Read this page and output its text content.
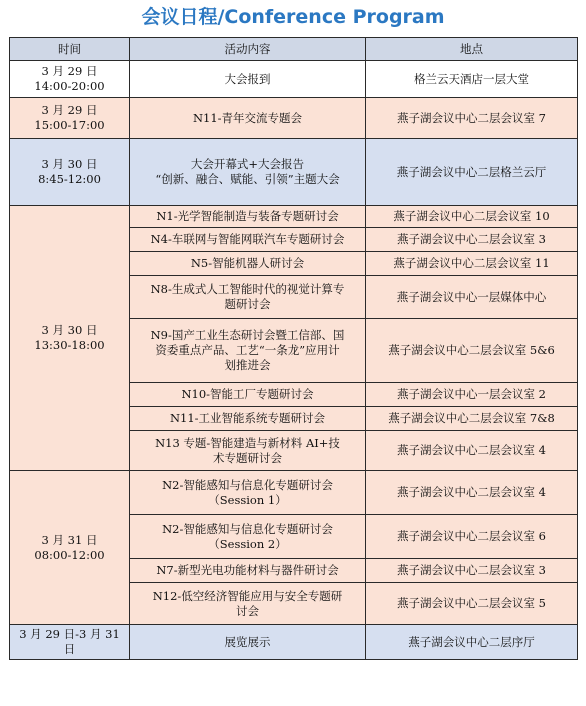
会议日程/Conference Program
时间	活动内容	地点

3 月 29 日
14:00-20:00	大会报到	格兰云天酒店一层大堂

3 月 29 日
15:00-17:00	N11-青年交流专题会	燕子湖会议中心二层会议室 7

3 月 30 日
8:45-12:00	大会开幕式+大会报告
“创新、融合、赋能、引领”主题大会	燕子湖会议中心二层格兰云厅

3 月 30 日
13:30-18:00	N1-光学智能制造与装备专题研讨会	燕子湖会议中心二层会议室 10

	N4-车联网与智能网联汽车专题研讨会	燕子湖会议中心二层会议室 3

	N5-智能机器人研讨会	燕子湖会议中心二层会议室 11

	N8-生成式人工智能时代的视觉计算专
题研讨会	燕子湖会议中心一层媒体中心

	N9-国产工业生态研讨会暨工信部、国
资委重点产品、工艺“一条龙”应用计
划推进会	燕子湖会议中心二层会议室 5&6

	N10-智能工厂专题研讨会	燕子湖会议中心一层会议室 2

	N11-工业智能系统专题研讨会	燕子湖会议中心二层会议室 7&8

	N13 专题-智能建造与新材料 AI+技
术专题研讨会	燕子湖会议中心二层会议室 4

3 月 31 日
08:00-12:00	N2-智能感知与信息化专题研讨会
（Session 1）	燕子湖会议中心二层会议室 4

	N2-智能感知与信息化专题研讨会
（Session 2）	燕子湖会议中心二层会议室 6

	N7-新型光电功能材料与器件研讨会	燕子湖会议中心二层会议室 3

	N12-低空经济智能应用与安全专题研
讨会	燕子湖会议中心二层会议室 5

3 月 29 日-3 月 31 日	展览展示	燕子湖会议中心二层序厅
